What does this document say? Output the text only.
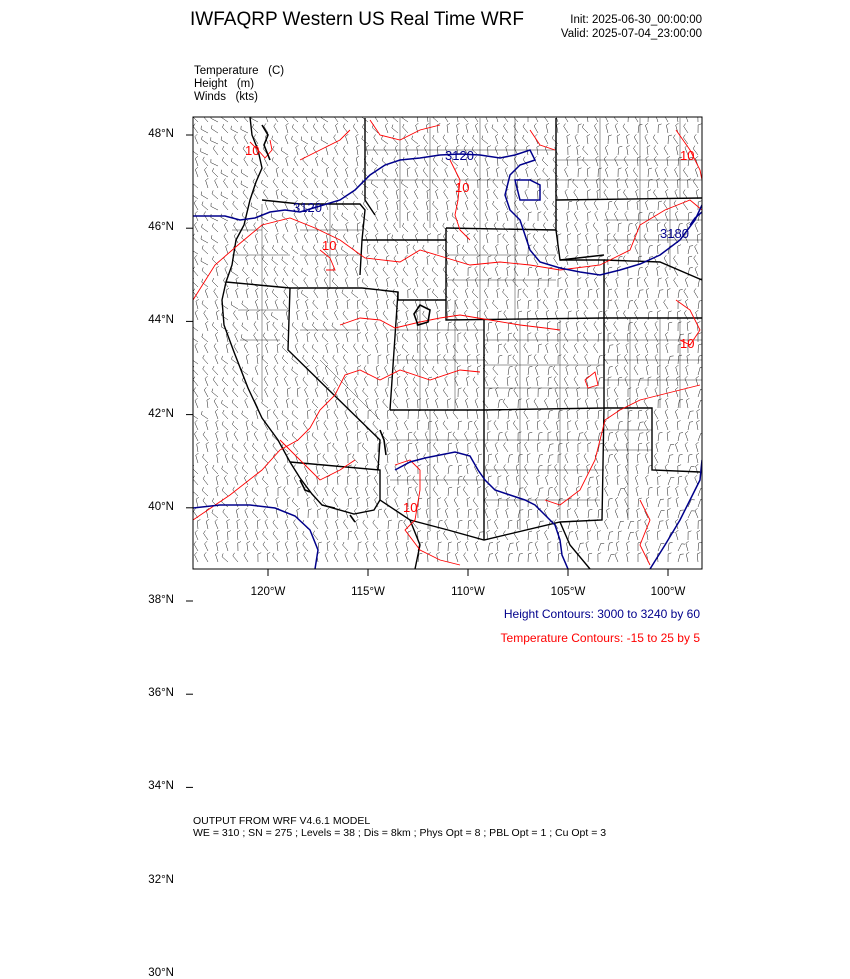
IWFAQRP Western US Real Time WRF	Init: 2025-06-30_00:00:00
Valid: 2025-07-04_23:00:00
Temperature (C)
Height (m)
Winds (kts)
3120
3120
3180
10
10
10
10
10
10
48°N
46°N
44°N
42°N
40°N
38°N
36°N
34°N
32°N
30°N
120°W	115°W	110°W	105°W	100°W
Height Contours: 3000 to 3240 by 60
Temperature Contours: -15 to 25 by 5
OUTPUT FROM WRF V4.6.1 MODEL
WE = 310 ; SN = 275 ; Levels = 38 ; Dis = 8km ; Phys Opt = 8 ; PBL Opt = 1 ; Cu Opt = 3
